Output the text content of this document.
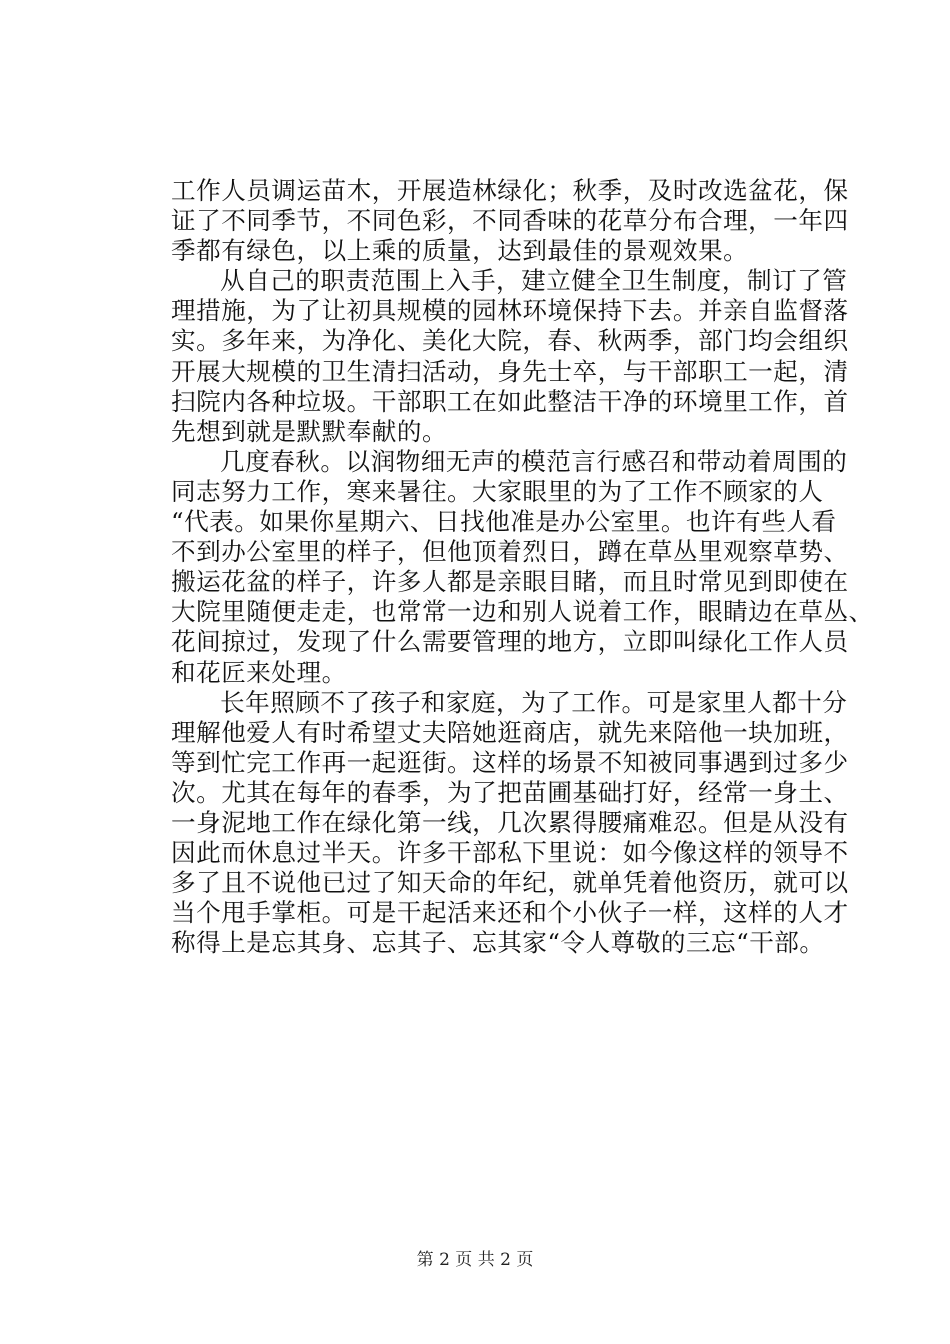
工作人员调运苗木，开展造林绿化；秋季，及时改选盆花，保
证了不同季节，不同色彩，不同香味的花草分布合理，一年四
季都有绿色，以上乘的质量，达到最佳的景观效果。

从自己的职责范围上入手，建立健全卫生制度，制订了管
理措施，为了让初具规模的园林环境保持下去。并亲自监督落
实。多年来，为净化、美化大院，春、秋两季，部门均会组织
开展大规模的卫生清扫活动，身先士卒，与干部职工一起，清
扫院内各种垃圾。干部职工在如此整洁干净的环境里工作，首
先想到就是默默奉献的。

几度春秋。以润物细无声的模范言行感召和带动着周围的
同志努力工作，寒来暑往。大家眼里的为了工作不顾家的人
“代表。如果你星期六、日找他准是办公室里。也许有些人看
不到办公室里的样子，但他顶着烈日，蹲在草丛里观察草势、
搬运花盆的样子，许多人都是亲眼目睹，而且时常见到即使在
大院里随便走走，也常常一边和别人说着工作，眼睛边在草丛、
花间掠过，发现了什么需要管理的地方，立即叫绿化工作人员
和花匠来处理。

长年照顾不了孩子和家庭，为了工作。可是家里人都十分
理解他爱人有时希望丈夫陪她逛商店，就先来陪他一块加班，
等到忙完工作再一起逛街。这样的场景不知被同事遇到过多少
次。尤其在每年的春季，为了把苗圃基础打好，经常一身土、
一身泥地工作在绿化第一线，几次累得腰痛难忍。但是从没有
因此而休息过半天。许多干部私下里说：如今像这样的领导不
多了且不说他已过了知天命的年纪，就单凭着他资历，就可以
当个甩手掌柜。可是干起活来还和个小伙子一样，这样的人才
称得上是忘其身、忘其子、忘其家“令人尊敬的三忘“干部。

第 2 页 共 2 页
